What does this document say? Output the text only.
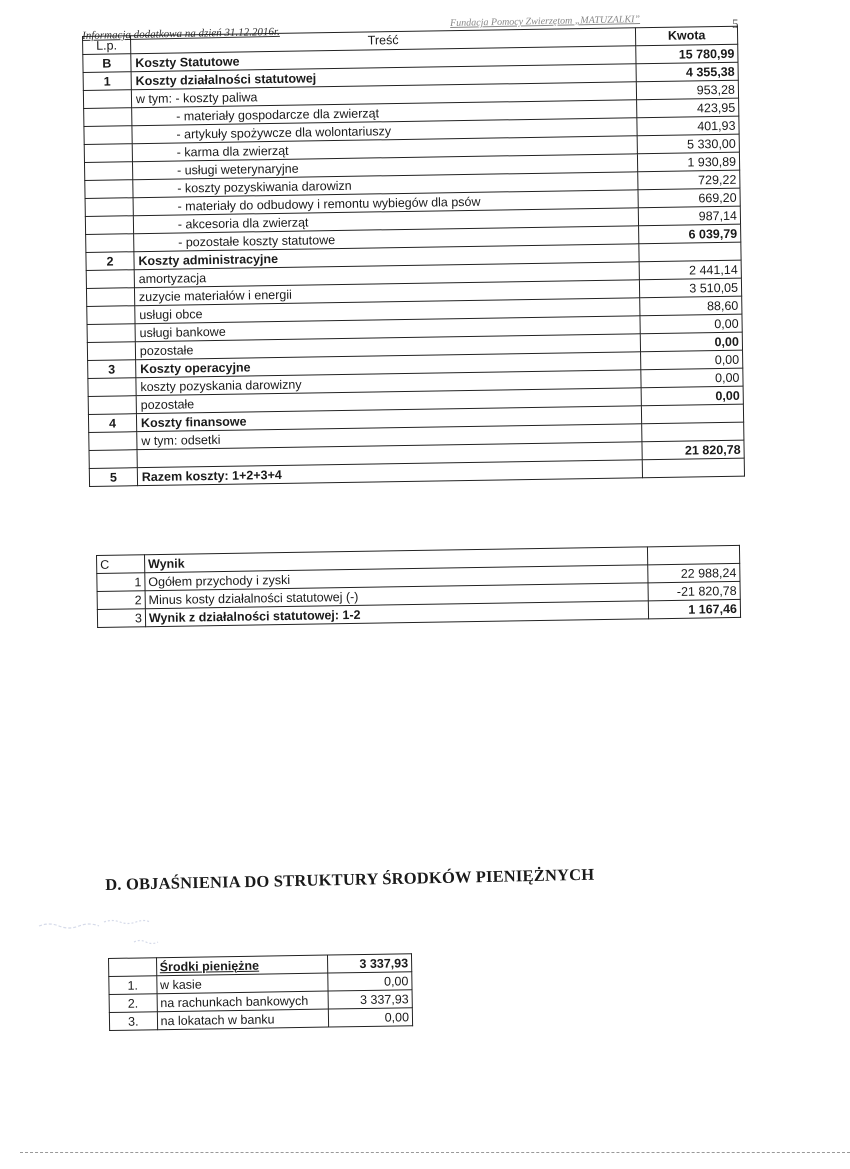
Informacja dodatkowa na dzień 31.12.2016r.
Fundacja Pomocy Zwierzętom „MATUZALKI”	5
L.p.	Treść	Kwota
B	Koszty Statutowe	15 780,99
1	Koszty działalności statutowej	4 355,38
	w tym: - koszty paliwa	953,28
	- materiały gospodarcze dla zwierząt	423,95
	- artykuły spożywcze dla wolontariuszy	401,93
	- karma dla zwierząt	5 330,00
	- usługi weterynaryjne	1 930,89
	- koszty pozyskiwania darowizn	729,22
	- materiały do odbudowy i remontu wybiegów dla psów	669,20
	- akcesoria dla zwierząt	987,14
	- pozostałe koszty statutowe	6 039,79
2	Koszty administracyjne	
	amortyzacja	2 441,14
	zuzycie materiałów i energii	3 510,05
	usługi obce	88,60
	usługi bankowe	0,00
	pozostałe	0,00
3	Koszty operacyjne	0,00
	koszty pozyskania darowizny	0,00
	pozostałe	0,00
4	Koszty finansowe	
	w tym: odsetki	
		21 820,78
5	Razem koszty: 1+2+3+4	
C	Wynik	
1	Ogółem przychody i zyski	22 988,24
2	Minus kosty działalności statutowej (-)	-21 820,78
3	Wynik z działalności statutowej: 1-2	1 167,46
D. OBJAŚNIENIA DO STRUKTURY ŚRODKÓW PIENIĘŻNYCH
	Środki pieniężne	3 337,93
1.	w kasie	0,00
2.	na rachunkach bankowych	3 337,93
3.	na lokatach w banku	0,00
